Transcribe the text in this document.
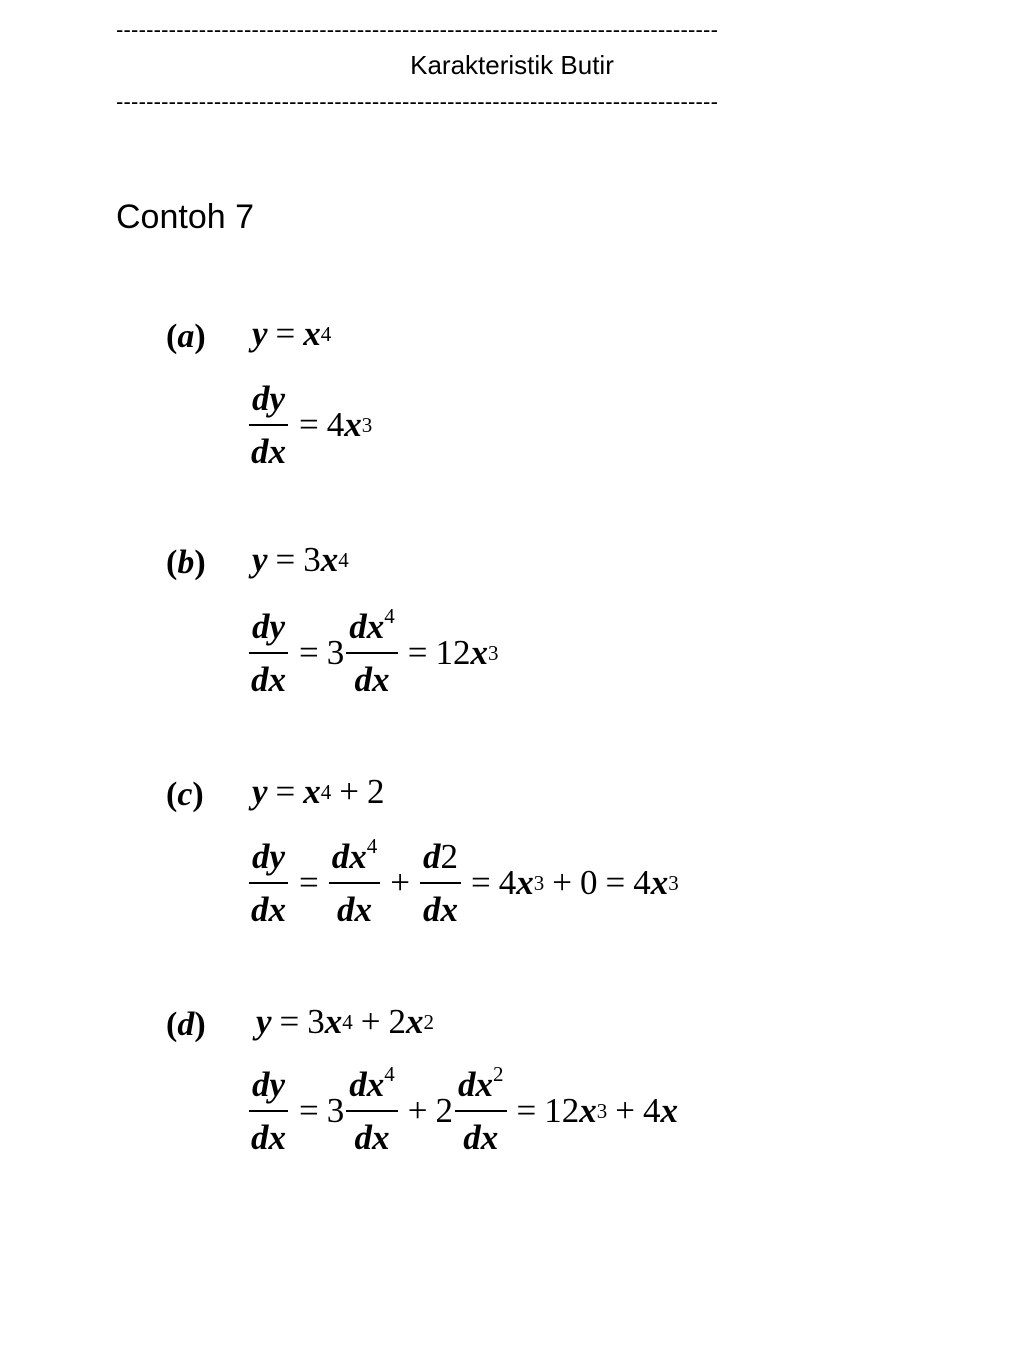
--------------------------------------------------------------------------------
Karakteristik Butir
--------------------------------------------------------------------------------
Contoh 7
(a) y = x 4
$\frac{dy}{dx} = 4$ x 3
(b) y = 3 x 4
$\frac{dy}{dx} = 3 \frac{dx^4}{dx} = 12$ x 3
(c) y = x 4 + 2
$\frac{dy}{dx} = \frac{dx^4}{dx} + \frac{d2}{dx} = 4$ x 3 + 0 = 4 x 3
(d) y = 3 x 4 + 2 x 2
$\frac{dy}{dx} = 3 \frac{dx^4}{dx} + 2 \frac{dx^2}{dx} = 12$ x 3 + 4 x
